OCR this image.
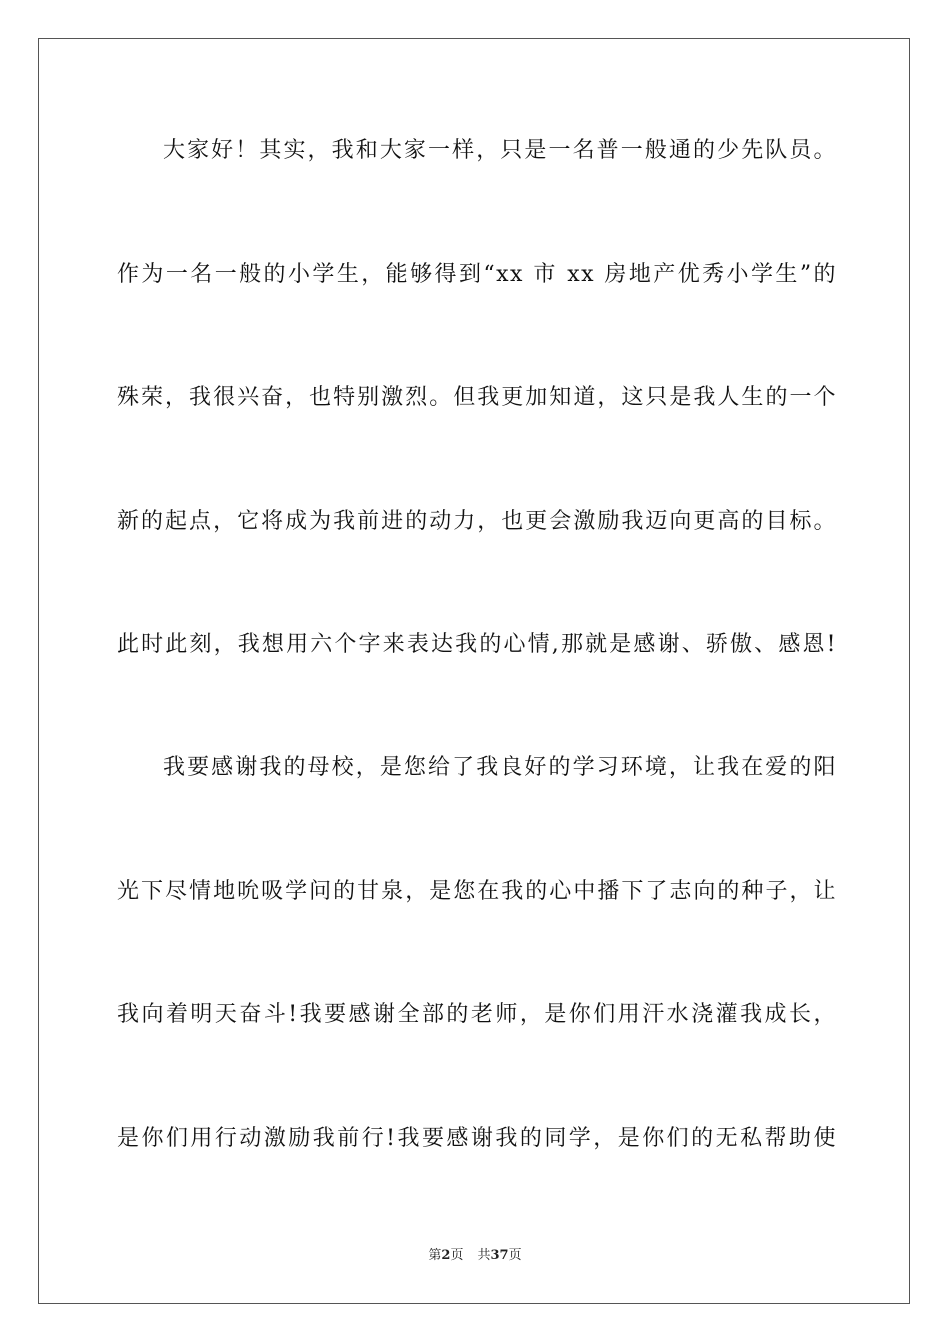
大家好！其实，我和大家一样，只是一名普一般通的少先队员。
作为一名一般的小学生，能够得到“xx 市 xx 房地产优秀小学生”的
殊荣，我很兴奋，也特别激烈。但我更加知道，这只是我人生的一个
新的起点，它将成为我前进的动力，也更会激励我迈向更高的目标。
此时此刻，我想用六个字来表达我的心情,那就是感谢、骄傲、感恩!
我要感谢我的母校，是您给了我良好的学习环境，让我在爱的阳
光下尽情地吮吸学问的甘泉，是您在我的心中播下了志向的种子，让
我向着明天奋斗!我要感谢全部的老师，是你们用汗水浇灌我成长，
是你们用行动激励我前行!我要感谢我的同学，是你们的无私帮助使
第2页 共37页
